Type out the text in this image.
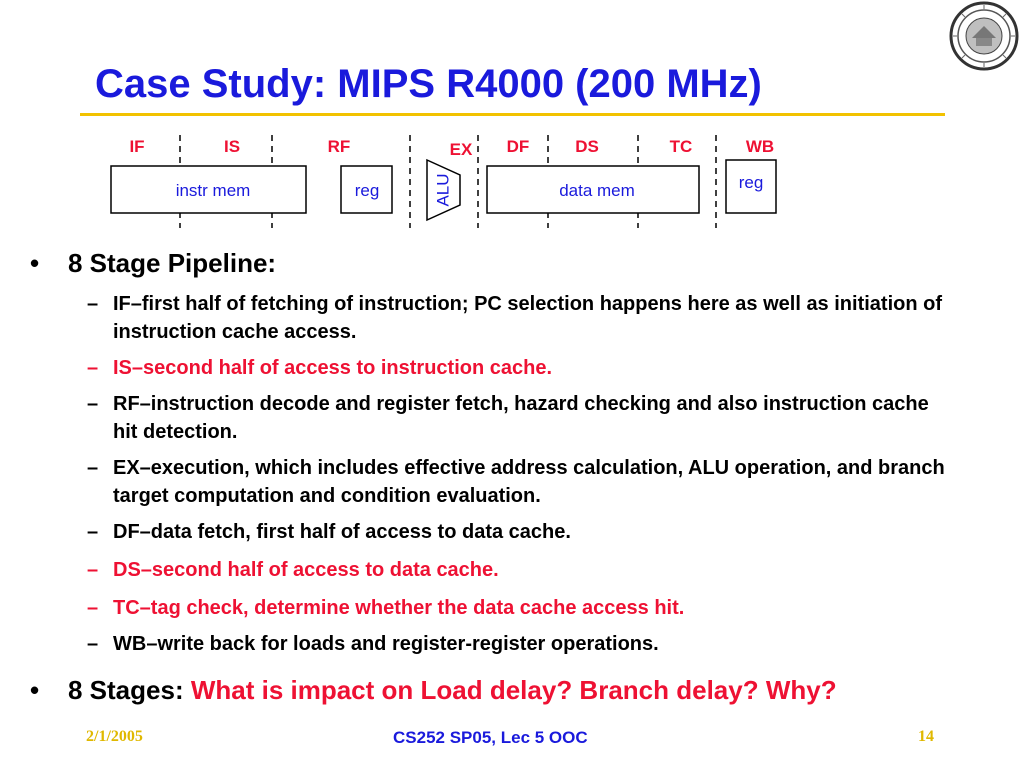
Case Study: MIPS R4000 (200 MHz)
IF	IS	RF	EX DF	DS	TC	WB
instr mem	reg	data mem	reg
ALU
• 8 Stage Pipeline:
– IF–first half of fetching of instruction; PC selection happens here as well as initiation of instruction cache access.
– IS–second half of access to instruction cache.
– RF–instruction decode and register fetch, hazard checking and also instruction cache hit detection.
– EX–execution, which includes effective address calculation, ALU operation, and branch target computation and condition evaluation.
– DF–data fetch, first half of access to data cache.
– DS–second half of access to data cache.
– TC–tag check, determine whether the data cache access hit.
– WB–write back for loads and register-register operations.
• 8 Stages: What is impact on Load delay? Branch delay? Why?
2/1/2005	CS252 SP05, Lec 5 OOC	14
